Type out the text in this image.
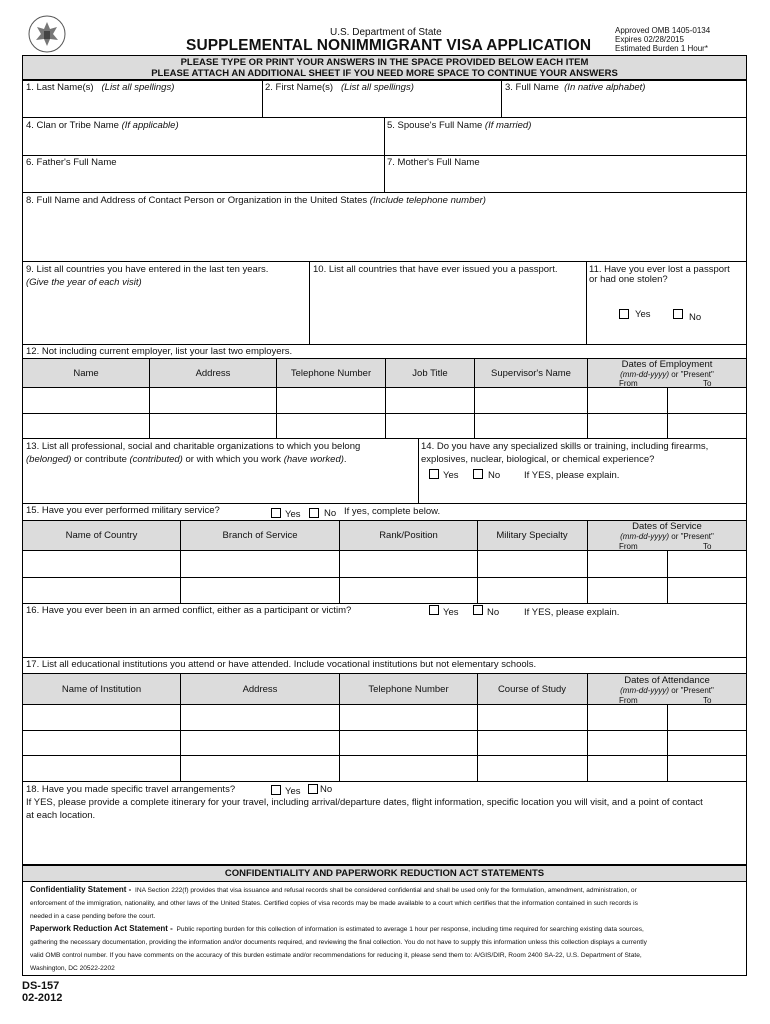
U.S. Department of State
SUPPLEMENTAL NONIMMIGRANT VISA APPLICATION
Approved OMB 1405-0134
Expires 02/28/2015
Estimated Burden 1 Hour*
PLEASE TYPE OR PRINT YOUR ANSWERS IN THE SPACE PROVIDED BELOW EACH ITEM
PLEASE ATTACH AN ADDITIONAL SHEET IF YOU NEED MORE SPACE TO CONTINUE YOUR ANSWERS
1. Last Name(s) (List all spellings)	2. First Name(s) (List all spellings)	3. Full Name (In native alphabet)
4. Clan or Tribe Name (If applicable)	5. Spouse's Full Name (If married)
6. Father's Full Name	7. Mother's Full Name
8. Full Name and Address of Contact Person or Organization in the United States (Include telephone number)
9. List all countries you have entered in the last ten years.
(Give the year of each visit)
10. List all countries that have ever issued you a passport.	11. Have you ever lost a passport
or had one stolen?
Yes	No
12. Not including current employer, list your last two employers.
Name	Address	Telephone Number	Job Title	Supervisor's Name
Dates of Employment
(mm-dd-yyyy) or "Present"
From	To
13. List all professional, social and charitable organizations to which you belong
(belonged) or contribute (contributed) or with which you work (have worked).
14. Do you have any specialized skills or training, including firearms,
explosives, nuclear, biological, or chemical experience?
Yes	No	If YES, please explain.
15. Have you ever performed military service?	Yes No If yes, complete below.
Name of Country	Branch of Service	Rank/Position	Military Specialty
Dates of Service
(mm-dd-yyyy) or "Present"
From	To
16. Have you ever been in an armed conflict, either as a participant or victim?	Yes	No	If YES, please explain.
17. List all educational institutions you attend or have attended. Include vocational institutions but not elementary schools.
Name of Institution	Address	Telephone Number	Course of Study
Dates of Attendance
(mm-dd-yyyy) or "Present"
From	To
18. Have you made specific travel arrangements?	Yes No
If YES, please provide a complete itinerary for your travel, including arrival/departure dates, flight information, specific location you will visit, and a point of contact
at each location.
CONFIDENTIALITY AND PAPERWORK REDUCTION ACT STATEMENTS
Confidentiality Statement - INA Section 222(f) provides that visa issuance and refusal records shall be considered confidential and shall be used only for the formulation, amendment, administration, or
enforcement of the immigration, nationality, and other laws of the United States. Certified copies of visa records may be made available to a court which certifies that the information contained in such records is
needed in a case pending before the court.
Paperwork Reduction Act Statement - Public reporting burden for this collection of information is estimated to average 1 hour per response, including time required for searching existing data sources,
gathering the necessary documentation, providing the information and/or documents required, and reviewing the final collection. You do not have to supply this information unless this collection displays a currently
valid OMB control number. If you have comments on the accuracy of this burden estimate and/or recommendations for reducing it, please send them to: A/GIS/DIR, Room 2400 SA-22, U.S. Department of State,
Washington, DC 20522-2202
DS-157
02-2012
